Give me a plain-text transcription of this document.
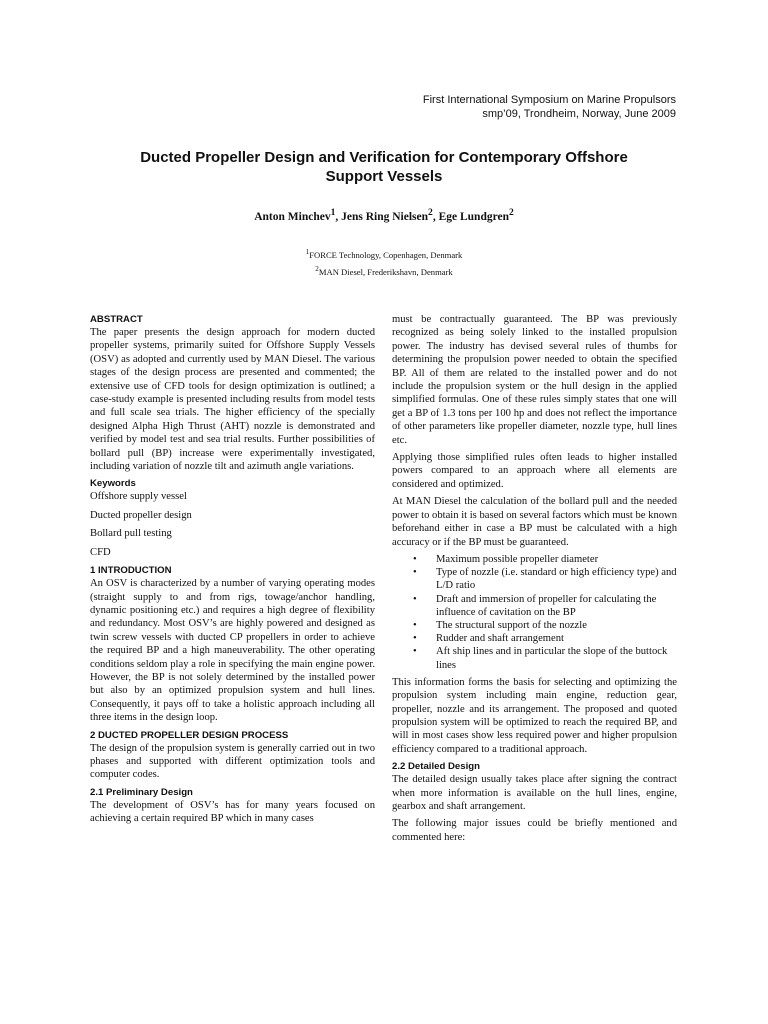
First International Symposium on Marine Propulsors
smp’09, Trondheim, Norway, June 2009
Ducted Propeller Design and Verification for Contemporary Offshore
Support Vessels
Anton Minchev$^1$, Jens Ring Nielsen$^2$, Ege Lundgren$^2$
$^1$FORCE Technology, Copenhagen, Denmark
$^2$MAN Diesel, Frederikshavn, Denmark
ABSTRACT

The paper presents the design approach for modern ducted propeller systems, primarily suited for Offshore Supply Vessels (OSV) as adopted and currently used by MAN Diesel. The various stages of the design process are presented and commented; the extensive use of CFD tools for design optimization is outlined; a case-study example is presented including results from model tests and full scale sea trials. The higher efficiency of the specially designed Alpha High Thrust (AHT) nozzle is demonstrated and verified by model test and sea trial results. Further possibilities of bollard pull (BP) increase were experimentally investigated, including variation of nozzle tilt and azimuth angle variations.

Keywords

Offshore supply vessel

Ducted propeller design

Bollard pull testing

CFD

1 INTRODUCTION

An OSV is characterized by a number of varying operating modes (straight supply to and from rigs, towage/anchor handling, dynamic positioning etc.) and requires a high degree of flexibility and redundancy. Most OSV’s are highly powered and designed as twin screw vessels with ducted CP propellers in order to achieve the required BP and a high maneuverability. The other operating conditions seldom play a role in specifying the main engine power. However, the BP is not solely determined by the installed power but also by an optimized propulsion system and hull lines. Consequently, it pays off to take a holistic approach including all three items in the design loop.

2 DUCTED PROPELLER DESIGN PROCESS

The design of the propulsion system is generally carried out in two phases and supported with different optimization tools and computer codes.

2.1 Preliminary Design

The development of OSV’s has for many years focused on achieving a certain required BP which in many cases

must be contractually guaranteed. The BP was previously recognized as being solely linked to the installed propulsion power. The industry has devised several rules of thumbs for determining the propulsion power needed to obtain the specified BP. All of them are related to the installed power and do not include the propulsion system or the hull design in the applied simplified formulas. One of these rules simply states that one will get a BP of 1.3 tons per 100 hp and does not reflect the importance of other parameters like propeller diameter, nozzle type, hull lines etc.

Applying those simplified rules often leads to higher installed powers compared to an approach where all elements are considered and optimized.

At MAN Diesel the calculation of the bollard pull and the needed power to obtain it is based on several factors which must be known beforehand either in case a BP must be calculated with a high accuracy or if the BP must be guaranteed.

• Maximum possible propeller diameter
• Type of nozzle (i.e. standard or high efficiency type) and L/D ratio
• Draft and immersion of propeller for calculating the influence of cavitation on the BP
• The structural support of the nozzle
• Rudder and shaft arrangement
• Aft ship lines and in particular the slope of the buttock lines

This information forms the basis for selecting and optimizing the propulsion system including main engine, reduction gear, propeller, nozzle and its arrangement. The proposed and quoted propulsion system will be optimized to reach the required BP, and will in most cases show less required power and higher propulsion efficiency compared to a traditional approach.

2.2 Detailed Design

The detailed design usually takes place after signing the contract when more information is available on the hull lines, engine, gearbox and shaft arrangement.

The following major issues could be briefly mentioned and commented here:
